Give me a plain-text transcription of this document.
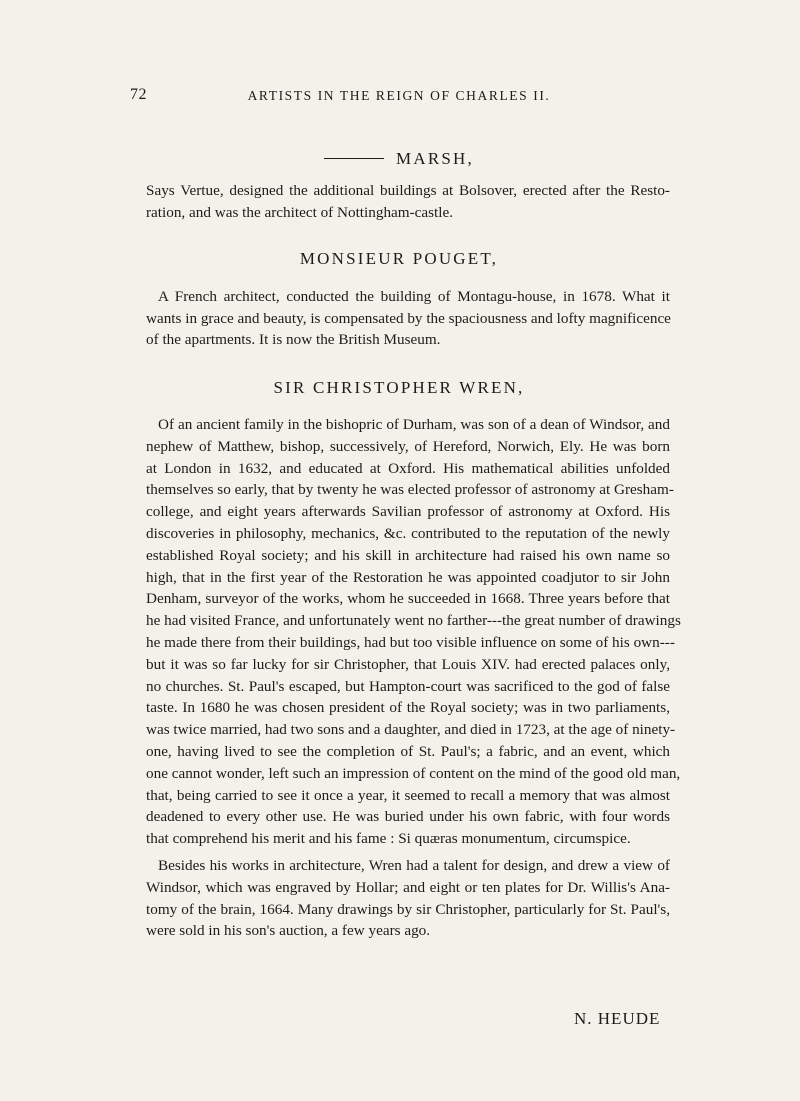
72	ARTISTS IN THE REIGN OF CHARLES II.
MARSH,

Says Vertue, designed the additional buildings at Bolsover, erected after the Resto-
ration, and was the architect of Nottingham-castle.

MONSIEUR POUGET,

A French architect, conducted the building of Montagu-house, in 1678. What it
wants in grace and beauty, is compensated by the spaciousness and lofty magnificence
of the apartments. It is now the British Museum.

SIR CHRISTOPHER WREN,

Of an ancient family in the bishopric of Durham, was son of a dean of Windsor, and
nephew of Matthew, bishop, successively, of Hereford, Norwich, Ely. He was born
at London in 1632, and educated at Oxford. His mathematical abilities unfolded
themselves so early, that by twenty he was elected professor of astronomy at Gresham-
college, and eight years afterwards Savilian professor of astronomy at Oxford. His
discoveries in philosophy, mechanics, &c. contributed to the reputation of the newly
established Royal society; and his skill in architecture had raised his own name so
high, that in the first year of the Restoration he was appointed coadjutor to sir John
Denham, surveyor of the works, whom he succeeded in 1668. Three years before that
he had visited France, and unfortunately went no farther---the great number of drawings
he made there from their buildings, had but too visible influence on some of his own---
but it was so far lucky for sir Christopher, that Louis XIV. had erected palaces only,
no churches. St. Paul's escaped, but Hampton-court was sacrificed to the god of false
taste. In 1680 he was chosen president of the Royal society; was in two parliaments,
was twice married, had two sons and a daughter, and died in 1723, at the age of ninety-
one, having lived to see the completion of St. Paul's; a fabric, and an event, which
one cannot wonder, left such an impression of content on the mind of the good old man,
that, being carried to see it once a year, it seemed to recall a memory that was almost
deadened to every other use. He was buried under his own fabric, with four words
that comprehend his merit and his fame : Si quæras monumentum, circumspice.

Besides his works in architecture, Wren had a talent for design, and drew a view of
Windsor, which was engraved by Hollar; and eight or ten plates for Dr. Willis's Ana-
tomy of the brain, 1664. Many drawings by sir Christopher, particularly for St. Paul's,
were sold in his son's auction, a few years ago.

N. HEUDE
